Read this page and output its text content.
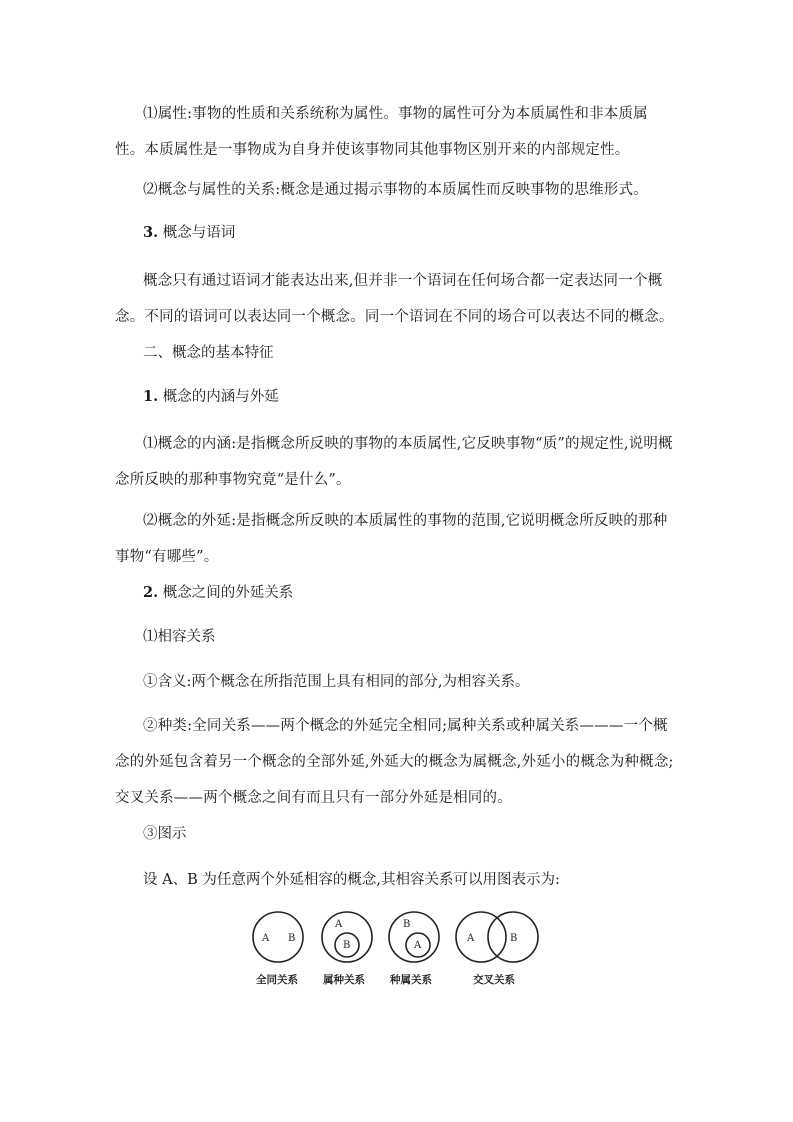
⑴属性:事物的性质和关系统称为属性。事物的属性可分为本质属性和非本质属性。本质属性是一事物成为自身并使该事物同其他事物区别开来的内部规定性。

⑵概念与属性的关系:概念是通过揭示事物的本质属性而反映事物的思维形式。

3. 概念与语词

概念只有通过语词才能表达出来,但并非一个语词在任何场合都一定表达同一个概念。不同的语词可以表达同一个概念。同一个语词在不同的场合可以表达不同的概念。

二、概念的基本特征

1. 概念的内涵与外延

⑴概念的内涵:是指概念所反映的事物的本质属性,它反映事物“质”的规定性,说明概念所反映的那种事物究竟“是什么”。

⑵概念的外延:是指概念所反映的本质属性的事物的范围,它说明概念所反映的那种事物“有哪些”。

2. 概念之间的外延关系

⑴相容关系

①含义:两个概念在所指范围上具有相同的部分,为相容关系。

②种类:全同关系——两个概念的外延完全相同;属种关系或种属关系———一个概念的外延包含着另一个概念的全部外延,外延大的概念为属概念,外延小的概念为种概念;交叉关系——两个概念之间有而且只有一部分外延是相同的。

③图示

设 A、B 为任意两个外延相容的概念,其相容关系可以用图表示为:

A B
A
B
B
A
A	B
全同关系 属种关系 种属关系	交叉关系
